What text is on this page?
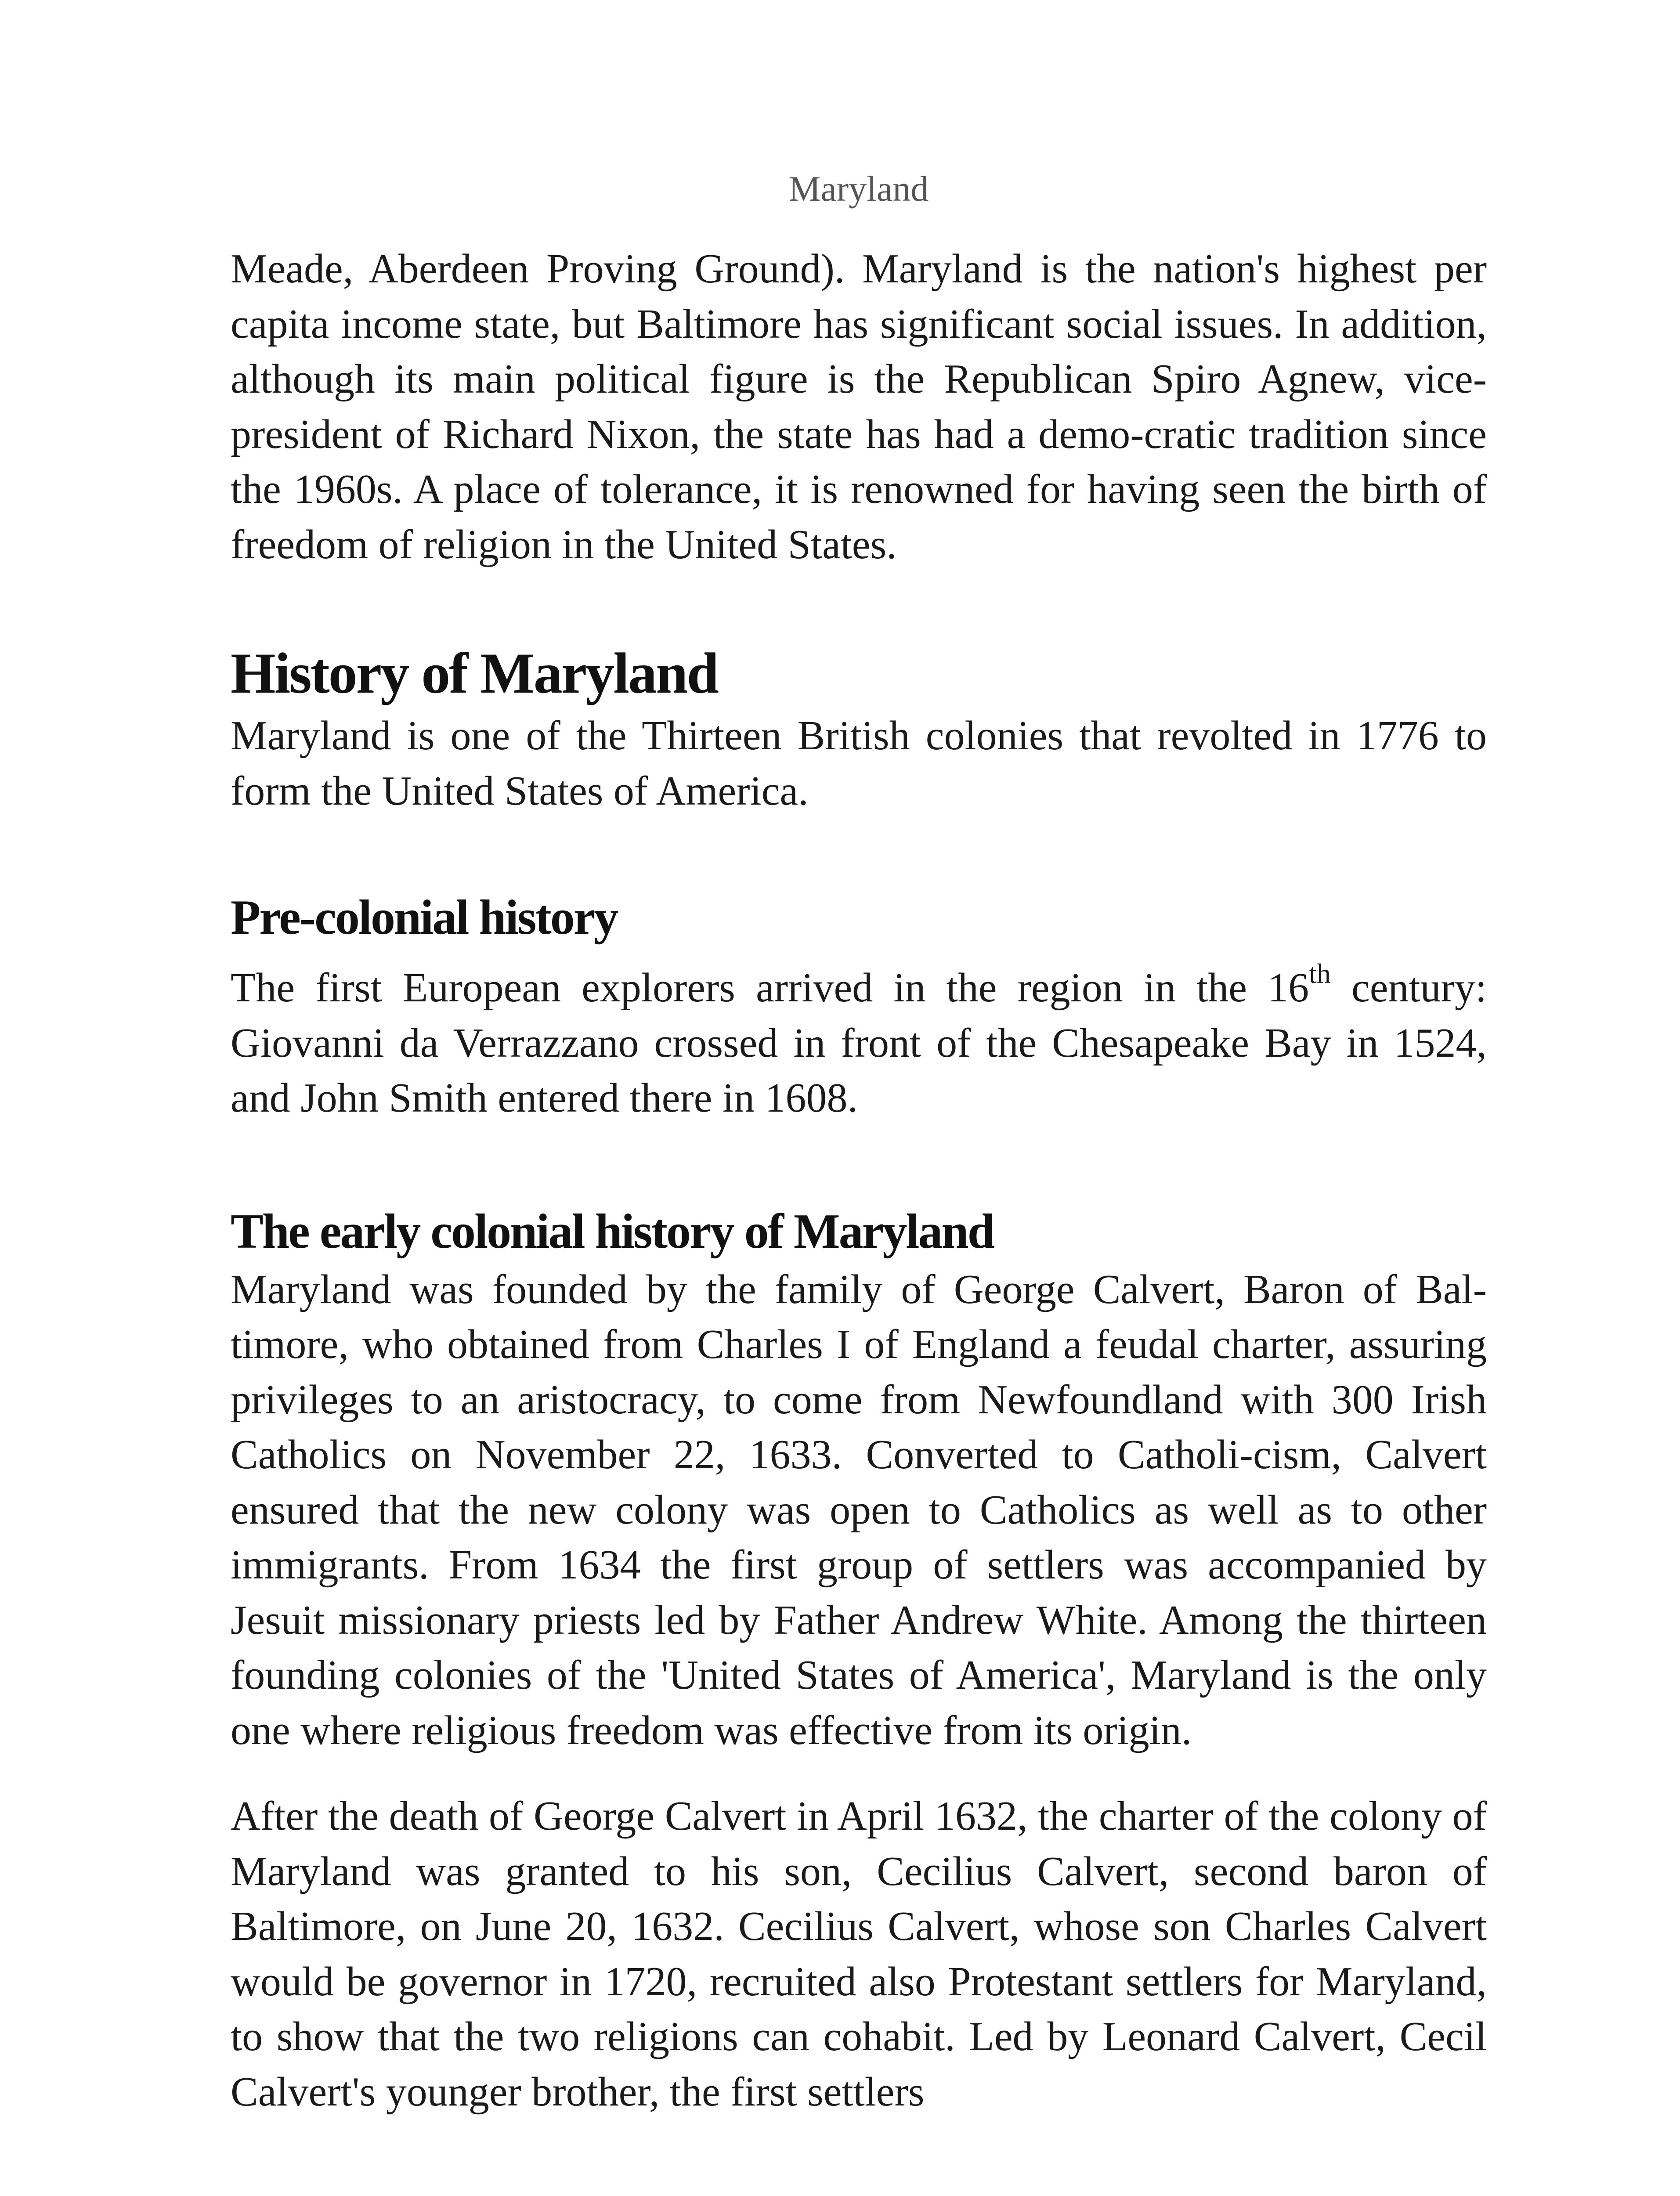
Maryland

Meade, Aberdeen Proving Ground). Maryland is the nation's highest per capita income state, but Baltimore has significant social issues. In addition, although its main political figure is the Republican Spiro Agnew, vice-president of Richard Nixon, the state has had a demo-cratic tradition since the 1960s. A place of tolerance, it is renowned for having seen the birth of freedom of religion in the United States.

History of Maryland

Maryland is one of the Thirteen British colonies that revolted in 1776 to form the United States of America.

Pre-colonial history

The first European explorers arrived in the region in the 16th century: Giovanni da Verrazzano crossed in front of the Chesapeake Bay in 1524, and John Smith entered there in 1608.

The early colonial history of Maryland

Maryland was founded by the family of George Calvert, Baron of Bal-timore, who obtained from Charles I of England a feudal charter, assuring privileges to an aristocracy, to come from Newfoundland with 300 Irish Catholics on November 22, 1633. Converted to Catholi-cism, Calvert ensured that the new colony was open to Catholics as well as to other immigrants. From 1634 the first group of settlers was accompanied by Jesuit missionary priests led by Father Andrew White. Among the thirteen founding colonies of the 'United States of America', Maryland is the only one where religious freedom was effective from its origin.

After the death of George Calvert in April 1632, the charter of the colony of Maryland was granted to his son, Cecilius Calvert, second baron of Baltimore, on June 20, 1632. Cecilius Calvert, whose son Charles Calvert would be governor in 1720, recruited also Protestant settlers for Maryland, to show that the two religions can cohabit. Led by Leonard Calvert, Cecil Calvert's younger brother, the first settlers
